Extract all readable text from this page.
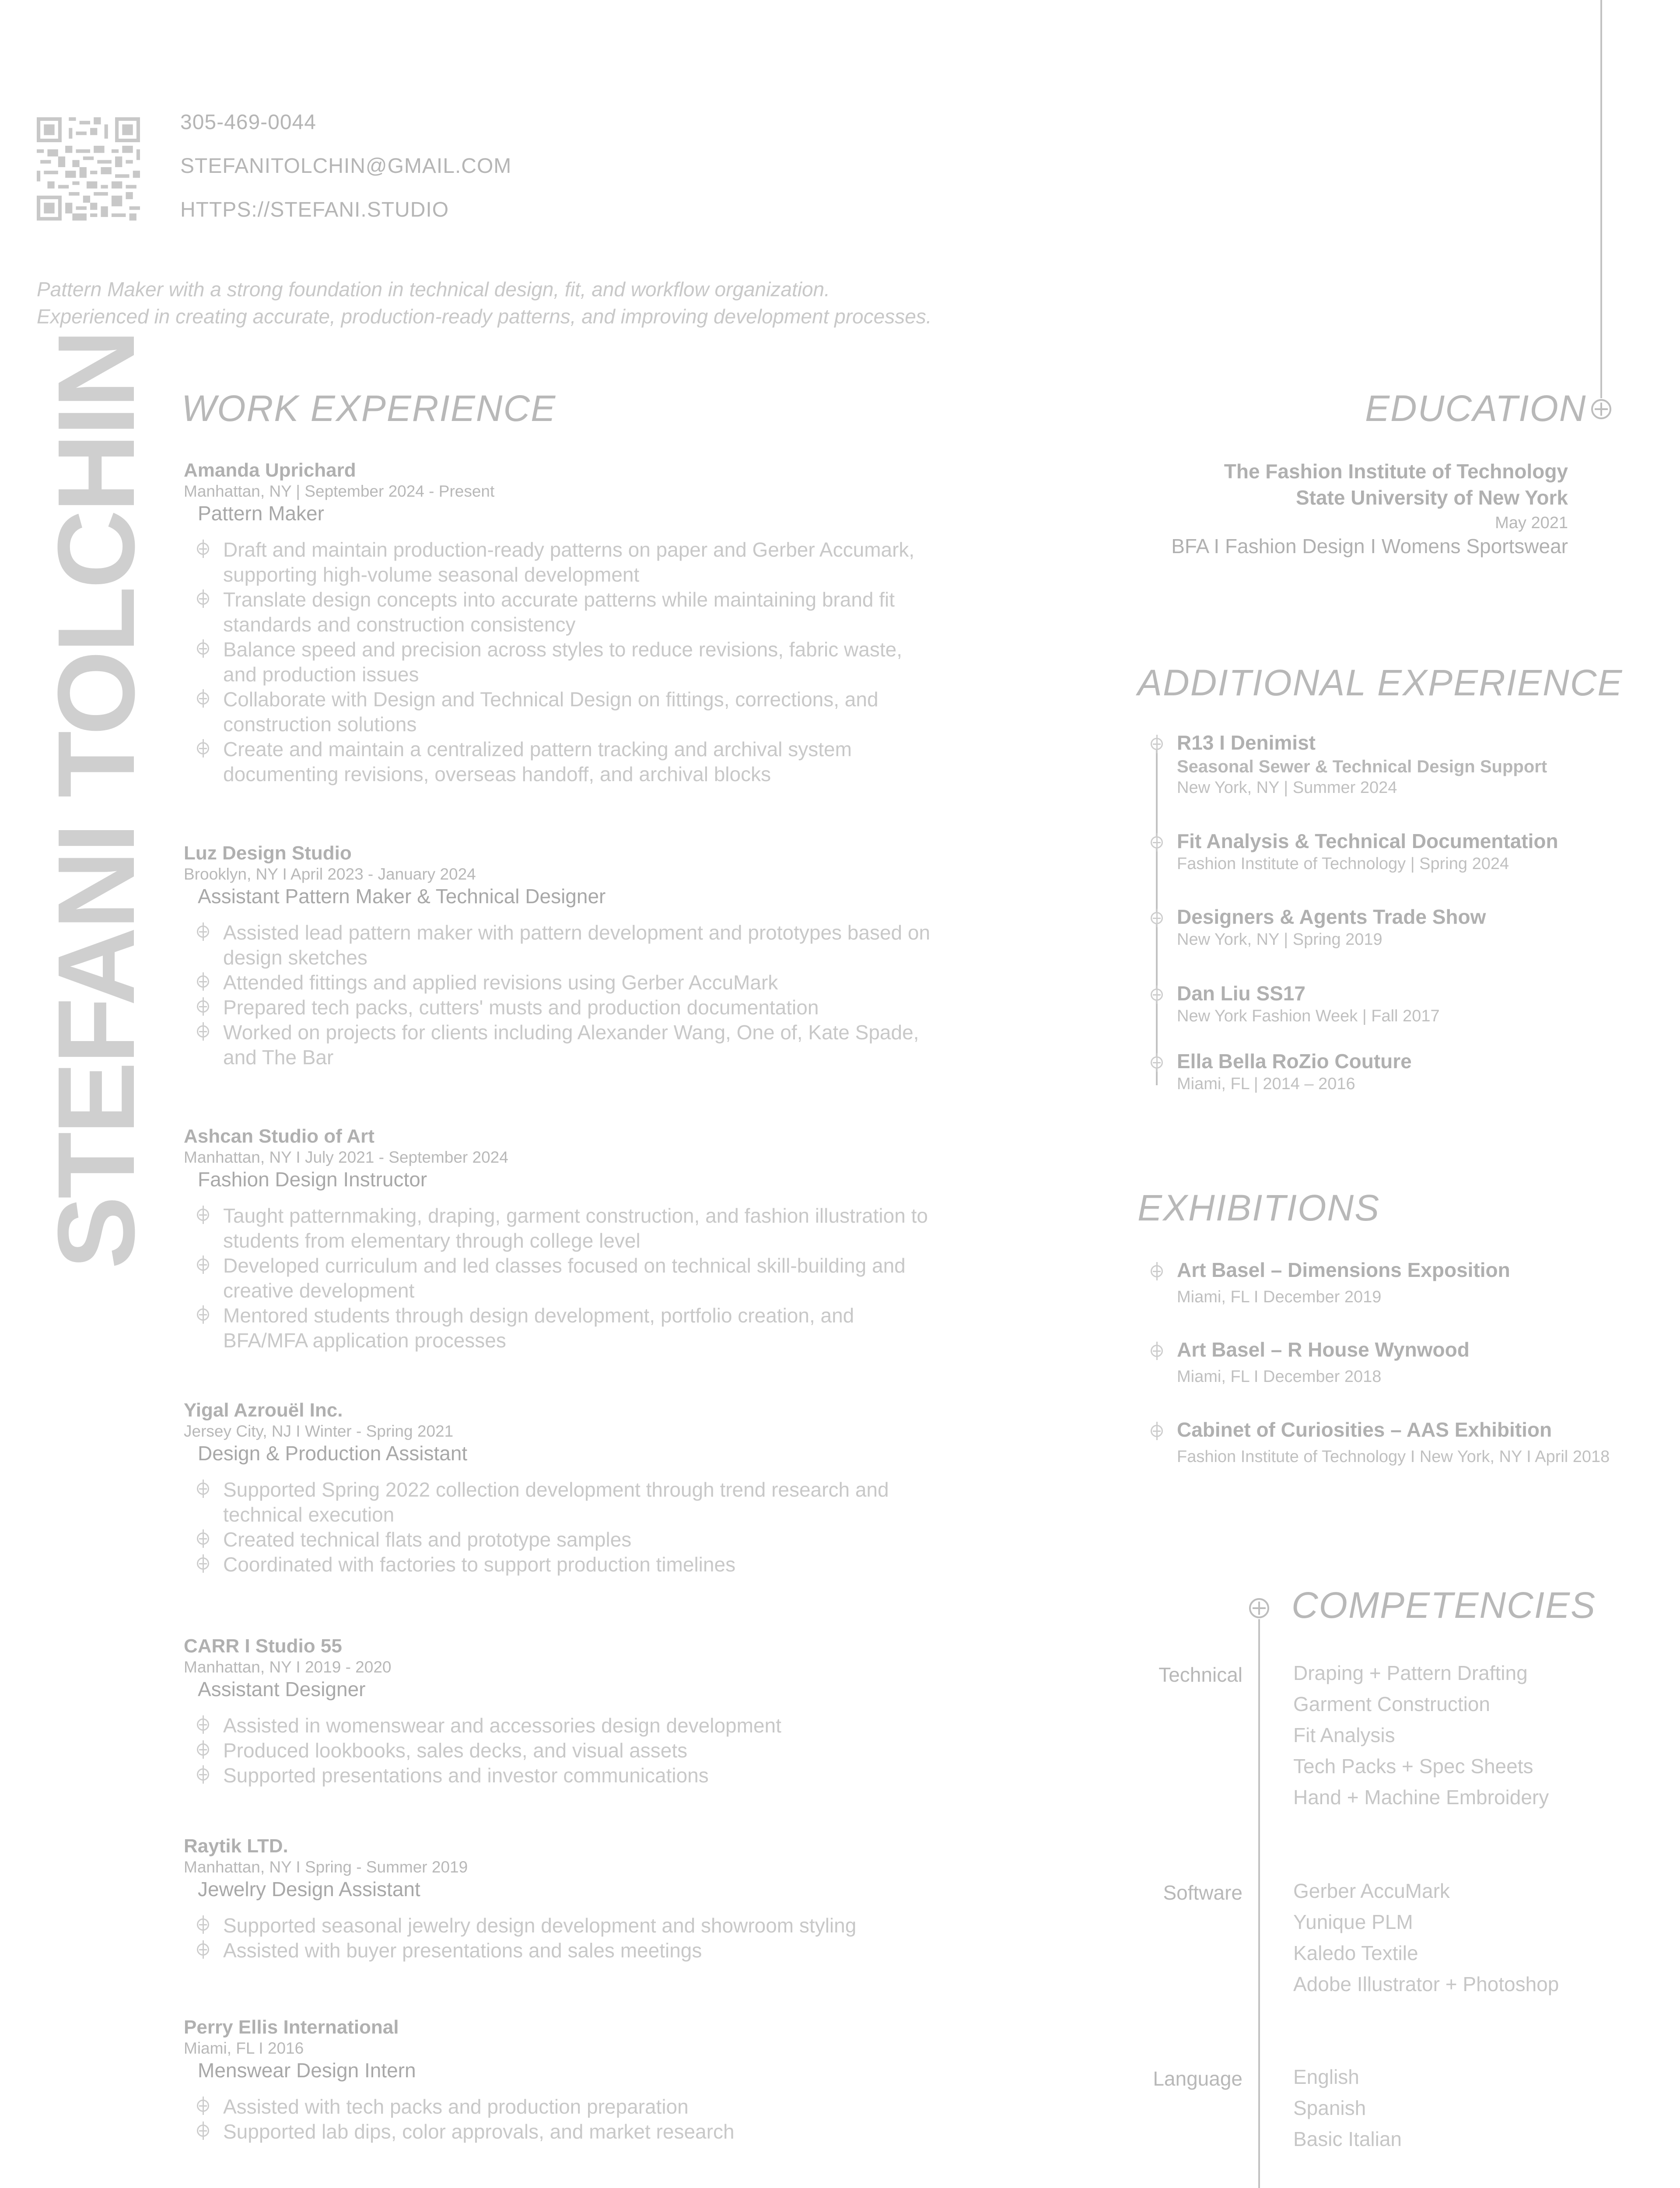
305-469-0044
STEFANITOLCHIN@GMAIL.COM
HTTPS://STEFANI.STUDIO
Pattern Maker with a strong foundation in technical design, fit, and workflow organization.
Experienced in creating accurate, production-ready patterns, and improving development processes.
STEFANI TOLCHIN WORK EXPERIENCE
Amanda Uprichard
Manhattan, NY | September 2024 - Present
Pattern Maker
Draft and maintain production-ready patterns on paper and Gerber Accumark,
supporting high-volume seasonal development
Translate design concepts into accurate patterns while maintaining brand fit
standards and construction consistency
Balance speed and precision across styles to reduce revisions, fabric waste,
and production issues
Collaborate with Design and Technical Design on fittings, corrections, and
construction solutions
Create and maintain a centralized pattern tracking and archival system
documenting revisions, overseas handoff, and archival blocks
Luz Design Studio
Brooklyn, NY I April 2023 - January 2024
Assistant Pattern Maker & Technical Designer
Assisted lead pattern maker with pattern development and prototypes based on
design sketches
Attended fittings and applied revisions using Gerber AccuMark
Prepared tech packs, cutters' musts and production documentation
Worked on projects for clients including Alexander Wang, One of, Kate Spade,
and The Bar
Ashcan Studio of Art
Manhattan, NY I July 2021 - September 2024
Fashion Design Instructor
Taught patternmaking, draping, garment construction, and fashion illustration to
students from elementary through college level
Developed curriculum and led classes focused on technical skill-building and
creative development
Mentored students through design development, portfolio creation, and
BFA/MFA application processes
Yigal Azrouël Inc.
Jersey City, NJ I Winter - Spring 2021
Design & Production Assistant
Supported Spring 2022 collection development through trend research and
technical execution
Created technical flats and prototype samples
Coordinated with factories to support production timelines
CARR I Studio 55
Manhattan, NY I 2019 - 2020
Assistant Designer
Assisted in womenswear and accessories design development
Produced lookbooks, sales decks, and visual assets
Supported presentations and investor communications
Raytik LTD.
Manhattan, NY I Spring - Summer 2019
Jewelry Design Assistant
Supported seasonal jewelry design development and showroom styling
Assisted with buyer presentations and sales meetings
Perry Ellis International
Miami, FL I 2016
Menswear Design Intern
Assisted with tech packs and production preparation
Supported lab dips, color approvals, and market research
EDUCATION
The Fashion Institute of Technology
State University of New York
May 2021
BFA I Fashion Design I Womens Sportswear
ADDITIONAL EXPERIENCE
R13 I Denimist
Seasonal Sewer & Technical Design Support
New York, NY | Summer 2024
Fit Analysis & Technical Documentation
Fashion Institute of Technology | Spring 2024
Designers & Agents Trade Show
New York, NY | Spring 2019
Dan Liu SS17
New York Fashion Week | Fall 2017
Ella Bella RoZio Couture
Miami, FL | 2014 – 2016
EXHIBITIONS
Art Basel – Dimensions Exposition
Miami, FL I December 2019
Art Basel – R House Wynwood
Miami, FL I December 2018
Cabinet of Curiosities – AAS Exhibition
Fashion Institute of Technology I New York, NY I April 2018
COMPETENCIES
Technical	Draping + Pattern Drafting
Garment Construction
Fit Analysis
Tech Packs + Spec Sheets
Hand + Machine Embroidery
Software	Gerber AccuMark
Yunique PLM
Kaledo Textile
Adobe Illustrator + Photoshop
Language	English
Spanish
Basic Italian
